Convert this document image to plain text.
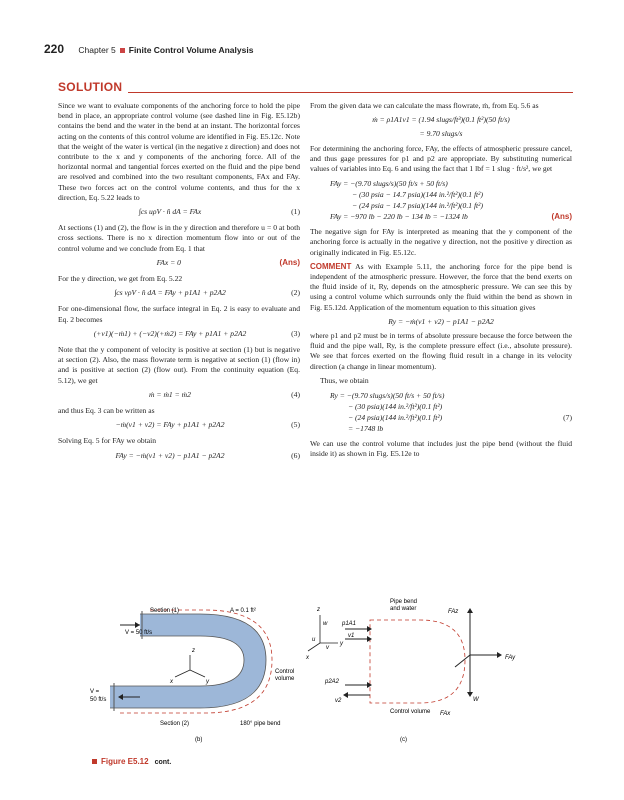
220 Chapter 5 Finite Control Volume Analysis
SOLUTION

Since we want to evaluate components of the anchoring force to hold the pipe bend in place, an appropriate control volume (see dashed line in Fig. E5.12b) contains the bend and the water in the bend at an instant. The horizontal forces acting on the contents of this control volume are identified in Fig. E5.12c. Note that the weight of the water is vertical (in the negative z direction) and does not contribute to the x and y components of the anchoring force. All of the horizontal normal and tangential forces exerted on the fluid and the pipe bend are resolved and combined into the two resultant components, FAx and FAy. These two forces act on the control volume contents, and thus for the x direction, Eq. 5.22 leads to

∫cs uρV · n̂ dA = FAx	(1)

At sections (1) and (2), the flow is in the y direction and therefore u = 0 at both cross sections. There is no x direction momentum flow into or out of the control volume and we conclude from Eq. 1 that

FAx = 0	(Ans)

For the y direction, we get from Eq. 5.22

∫cs vρV · n̂ dA = FAy + p1A1 + p2A2	(2)

For one-dimensional flow, the surface integral in Eq. 2 is easy to evaluate and Eq. 2 becomes

(+v1)(−ṁ1) + (−v2)(+ṁ2) = FAy + p1A1 + p2A2	(3)

Note that the y component of velocity is positive at section (1) but is negative at section (2). Also, the mass flowrate term is negative at section (1) (flow in) and is positive at section (2) (flow out). From the continuity equation (Eq. 5.12), we get

ṁ = ṁ1 = ṁ2	(4)

and thus Eq. 3 can be written as

−ṁ(v1 + v2) = FAy + p1A1 + p2A2	(5)

Solving Eq. 5 for FAy we obtain

FAy = −ṁ(v1 + v2) − p1A1 − p2A2	(6)

From the given data we can calculate the mass flowrate, ṁ, from Eq. 5.6 as

ṁ = ρ1A1v1 = (1.94 slugs/ft³)(0.1 ft²)(50 ft/s)
= 9.70 slugs/s

For determining the anchoring force, FAy, the effects of atmospheric pressure cancel, and thus gage pressures for p1 and p2 are appropriate. By substituting numerical values of variables into Eq. 6 and using the fact that 1 lbf = 1 slug · ft/s², we get

FAy = −(9.70 slugs/s)(50 ft/s + 50 ft/s)
− (30 psia − 14.7 psia)(144 in.²/ft²)(0.1 ft²)
− (24 psia − 14.7 psia)(144 in.²/ft²)(0.1 ft²)
FAy = −970 lb − 220 lb − 134 lb = −1324 lb	(Ans)

The negative sign for FAy is interpreted as meaning that the y component of the anchoring force is actually in the negative y direction, not the positive y direction as originally indicated in Fig. E5.12c.

COMMENT As with Example 5.11, the anchoring force for the pipe bend is independent of the atmospheric pressure. However, the force that the bend exerts on the fluid inside of it, Ry, depends on the atmospheric pressure. We can see this by using a control volume which surrounds only the fluid within the bend as shown in Fig. E5.12d. Application of the momentum equation to this situation gives

Ry = −ṁ(v1 + v2) − p1A1 − p2A2

where p1 and p2 must be in terms of absolute pressure because the force between the fluid and the pipe wall, Ry, is the complete pressure effect (i.e., absolute pressure). We see that forces exerted on the flowing fluid result in a change in its velocity direction (a change in linear momentum).

Thus, we obtain

Ry = −(9.70 slugs/s)(50 ft/s + 50 ft/s)
− (30 psia)(144 in.²/ft²)(0.1 ft²)
− (24 psia)(144 in.²/ft²)(0.1 ft²)	(7)
= −1748 lb

We can use the control volume that includes just the pipe bend (without the fluid inside it) as shown in Fig. E5.12e to

Section (1)	A = 0.1 ft²
V = 50 ft/s
V =
50 ft/s
Section (2)
Control
volume
180° pipe bend
z
x	y
(b)
z
w
x
v
y
u
Pipe bend
and water	FAz
p1A1
v1
FAy
p2A2
v2	W
Control volume FAx
(c)
Figure E5.12 cont.
